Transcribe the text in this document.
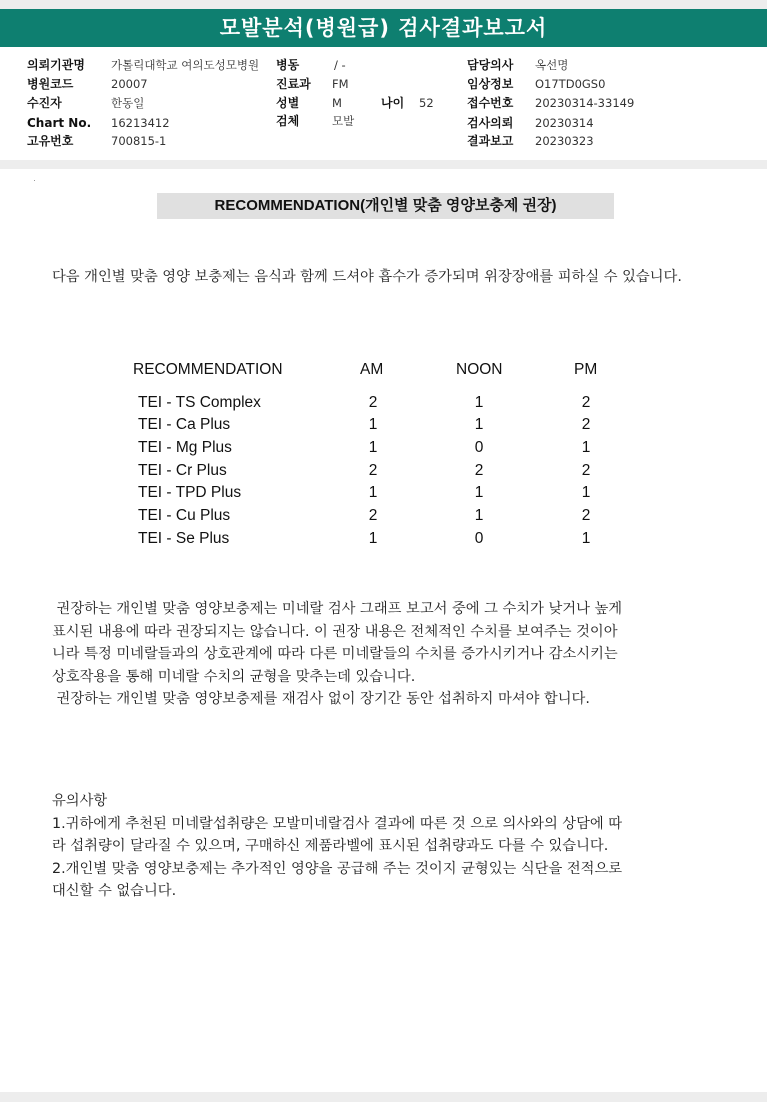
모발분석(병원급) 검사결과보고서
의뢰기관명 가톨릭대학교 여의도성모병원
병원코드	20007
수진자	한동일
Chart No. 16213412
고유번호	700815-1
병동	/ -
진료과 FM
성별	M	나이 52
검체	모발
담당의사 옥선명
임상정보 O17TD0GS0
접수번호 20230314-33149
검사의뢰 20230314
결과보고 20230323
RECOMMENDATION(개인별 맞춤 영양보충제 권장)
다음 개인별 맞춤 영양 보충제는 음식과 함께 드셔야 흡수가 증가되며 위장장애를 피하실 수 있습니다.
RECOMMENDATION	AM	NOON	PM
TEI - TS Complex	2	1	2
TEI - Ca Plus	1	1	2
TEI - Mg Plus	1	0	1
TEI - Cr Plus	2	2	2
TEI - TPD Plus	1	1	1
TEI - Cu Plus	2	1	2
TEI - Se Plus	1	0	1
권장하는 개인별 맞춤 영양보충제는 미네랄 검사 그래프 보고서 중에 그 수치가 낮거나 높게
표시된 내용에 따라 권장되지는 않습니다. 이 권장 내용은 전체적인 수치를 보여주는 것이아
니라 특정 미네랄들과의 상호관계에 따라 다른 미네랄들의 수치를 증가시키거나 감소시키는
상호작용을 통해 미네랄 수치의 균형을 맞추는데 있습니다.
권장하는 개인별 맞춤 영양보충제를 재검사 없이 장기간 동안 섭취하지 마셔야 합니다.
유의사항
1.귀하에게 추천된 미네랄섭취량은 모발미네랄검사 결과에 따른 것 으로 의사와의 상담에 따
라 섭취량이 달라질 수 있으며, 구매하신 제품라벨에 표시된 섭취량과도 다를 수 있습니다.
2.개인별 맞춤 영양보충제는 추가적인 영양을 공급해 주는 것이지 균형있는 식단을 전적으로
대신할 수 없습니다.
